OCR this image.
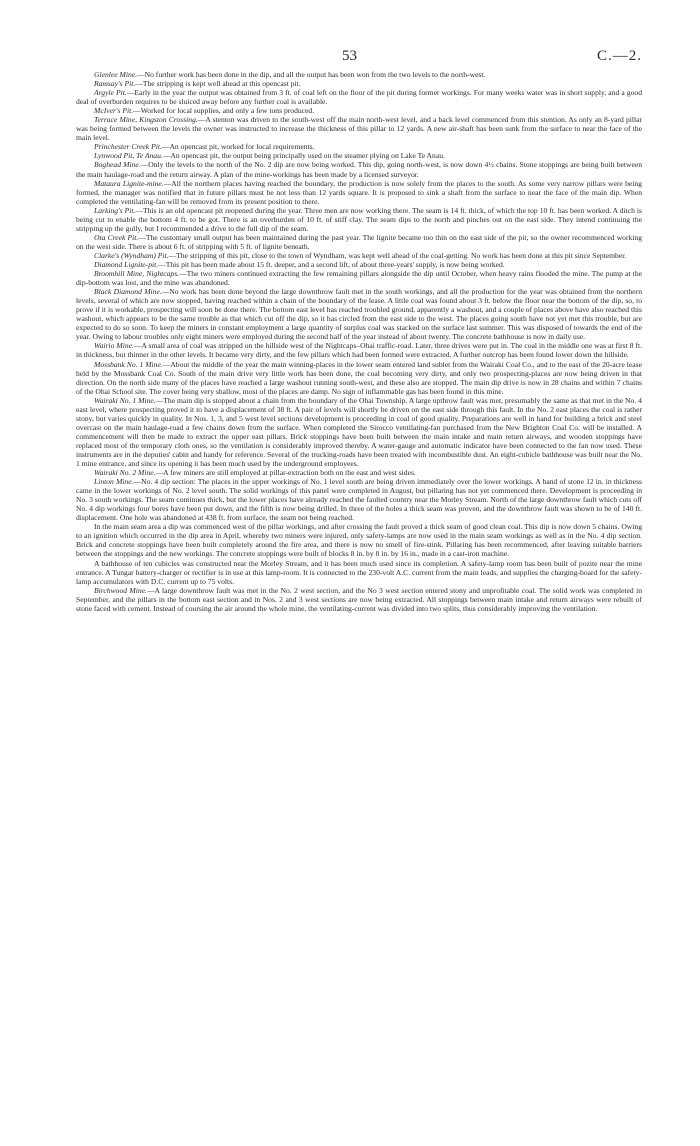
53	C.—2.

Glenlee Mine.—No further work has been done in the dip, and all the output has been won from the two levels to the north-west.

Ramsay's Pit.—The stripping is kept well ahead at this opencast pit.

Argyle Pit.—Early in the year the output was obtained from 3 ft. of coal left on the floor of the pit during former workings. For many weeks water was in short supply, and a good deal of overburden requires to be sluiced away before any further coal is available.

McIver's Pit.—Worked for local supplies, and only a few tons produced.

Terrace Mine, Kingston Crossing.—A stenton was driven to the south-west off the main north-west level, and a back level commenced from this stention. As only an 8-yard pillar was being formed between the levels the owner was instructed to increase the thickness of this pillar to 12 yards. A new air-shaft has been sunk from the surface to near the face of the main level.

Princhester Creek Pit.—An opencast pit, worked for local requirements.

Lynwood Pit, Te Anau.—An opencast pit, the output being principally used on the steamer plying on Lake Te Anau.

Boghead Mine.—Only the levels to the north of the No. 2 dip are now being worked. This dip, going north-west, is now down 4½ chains. Stone stoppings are being built between the main haulage-road and the return airway. A plan of the mine-workings has been made by a licensed surveyor.

Mataura Lignite-mine.—All the northern places having reached the boundary, the production is now solely from the places to the south. As some very narrow pillars were being formed, the manager was notified that in future pillars must be not less than 12 yards square. It is proposed to sink a shaft from the surface to near the face of the main dip. When completed the ventilating-fan will be removed from its present position to there.

Larking's Pit.—This is an old opencast pit reopened during the year. Three men are now working there. The seam is 14 ft. thick, of which the top 10 ft. has been worked. A ditch is being cut to enable the bottom 4 ft. to be got. There is an overburden of 10 ft. of stiff clay. The seam dips to the north and pinches out on the east side. They intend continuing the stripping up the gully, but I recommended a drive to the full dip of the seam.

Ota Creek Pit.—The customary small output has been maintained during the past year. The lignite became too thin on the east side of the pit, so the owner recommenced working on the west side. There is about 6 ft. of stripping with 5 ft. of lignite beneath.

Clarke's (Wyndham) Pit.—The stripping of this pit, close to the town of Wyndham, was kept well ahead of the coal-getting. No work has been done at this pit since September.

Diamond Lignite-pit.—This pit has been made about 15 ft. deeper, and a second lift, of about three-years' supply, is now being worked.

Broomhill Mine, Nightcaps.—The two miners continued extracting the few remaining pillars alongside the dip until October, when heavy rains flooded the mine. The pump at the dip-bottom was lost, and the mine was abandoned.

Black Diamond Mine.—No work has been done beyond the large downthrow fault met in the south workings, and all the production for the year was obtained from the northern levels, several of which are now stopped, having reached within a chain of the boundary of the lease. A little coal was found about 3 ft. below the floor near the bottom of the dip, so, to prove if it is workable, prospecting will soon be done there. The bottom east level has reached troubled ground, apparently a washout, and a couple of places above have also reached this washout, which appears to be the same trouble as that which cut off the dip, so it has circled from the east side to the west. The places going south have not yet met this trouble, but are expected to do so soon. To keep the miners in constant employment a large quantity of surplus coal was stacked on the surface last summer. This was disposed of towards the end of the year. Owing to labour troubles only eight miners were employed during the second half of the year instead of about twenty. The concrete bathhouse is now in daily use.

Wairio Mine.—A small area of coal was stripped on the hillside west of the Nightcaps–Ohai traffic-road. Later, three drives were put in. The coal in the middle one was at first 8 ft. in thickness, but thinner in the other levels. It became very dirty, and the few pillars which had been formed were extracted. A further outcrop has been found lower down the hillside.

Mossbank No. 1 Mine.—About the middle of the year the main winning-places in the lower seam entered land sublet from the Wairaki Coal Co., and to the east of the 20-acre lease held by the Mossbank Coal Co. South of the main drive very little work has been done, the coal becoming very dirty, and only two prospecting-places are now being driven in that direction. On the north side many of the places have reached a large washout running south-west, and these also are stopped. The main dip drive is now in 28 chains and within 7 chains of the Ohai School site. The cover being very shallow, most of the places are damp. No sign of inflammable gas has been found in this mine.

Wairaki No. 1 Mine.—The main dip is stopped about a chain from the boundary of the Ohai Township. A large upthrow fault was met, presumably the same as that met in the No. 4 east level, where prospecting proved it to have a displacement of 38 ft. A pair of levels will shortly be driven on the east side through this fault. In the No. 2 east places the coal is rather stony, but varies quickly in quality. In Nos. 1, 3, and 5 west level sections development is proceeding in coal of good quality. Preparations are well in hand for building a brick and steel overcast on the main haulage-road a few chains down from the surface. When completed the Sirocco ventilating-fan purchased from the New Brighton Coal Co. will be installed. A commencement will then be made to extract the upper east pillars. Brick stoppings have been built between the main intake and main return airways, and wooden stoppings have replaced most of the temporary cloth ones, so the ventilation is considerably improved thereby. A water-gauge and automatic indicator have been connected to the fan now used. These instruments are in the deputies' cabin and handy for reference. Several of the trucking-roads have been treated with incombustible dust. An eight-cubicle bathhouse was built near the No. 1 mine entrance, and since its opening it has been much used by the underground employees.

Wairaki No. 2 Mine.—A few miners are still employed at pillar-extraction both on the east and west sides.

Linton Mine.—No. 4 dip section: The places in the upper workings of No. 1 level south are being driven immediately over the lower workings. A band of stone 12 in. in thickness came in the lower workings of No. 2 level south. The solid workings of this panel were completed in August, but pillaring has not yet commenced there. Development is proceeding in No. 3 south workings. The seam continues thick, but the lower places have already reached the faulted country near the Morley Stream. North of the large downthrow fault which cuts off No. 4 dip workings four bores have been put down, and the fifth is now being drilled. In three of the holes a thick seam was proven, and the downthrow fault was shown to be of 140 ft. displacement. One hole was abandoned at 438 ft. from surface, the seam not being reached.

In the main seam area a dip was commenced west of the pillar workings, and after crossing the fault proved a thick seam of good clean coal. This dip is now down 5 chains. Owing to an ignition which occurred in the dip area in April, whereby two miners were injured, only safety-lamps are now used in the main seam workings as well as in the No. 4 dip section. Brick and concrete stoppings have been built completely around the fire area, and there is now no smell of fire-stink. Pillaring has been recommenced, after leaving suitable barriers between the stoppings and the new workings. The concrete stoppings were built of blocks 8 in. by 8 in. by 16 in., made in a cast-iron machine.

A bathhouse of ten cubicles was constructed near the Morley Stream, and it has been much used since its completion. A safety-lamp room has been built of pozite near the mine entrance. A Tungar battery-charger or rectifier is in use at this lamp-room. It is connected to the 230-volt A.C. current from the main leads, and supplies the charging-board for the safety-lamp accumulators with D.C. current up to 75 volts.

Birchwood Mine.—A large downthrow fault was met in the No. 2 west section, and the No 3 west section entered stony and unprofitable coal. The solid work was completed in September, and the pillars in the bottom east section and in Nos. 2 and 3 west sections are now being extracted. All stoppings between main intake and return airways were rebuilt of stone faced with cement. Instead of coursing the air around the whole mine, the ventilating-current was divided into two splits, thus considerably improving the ventilation.
